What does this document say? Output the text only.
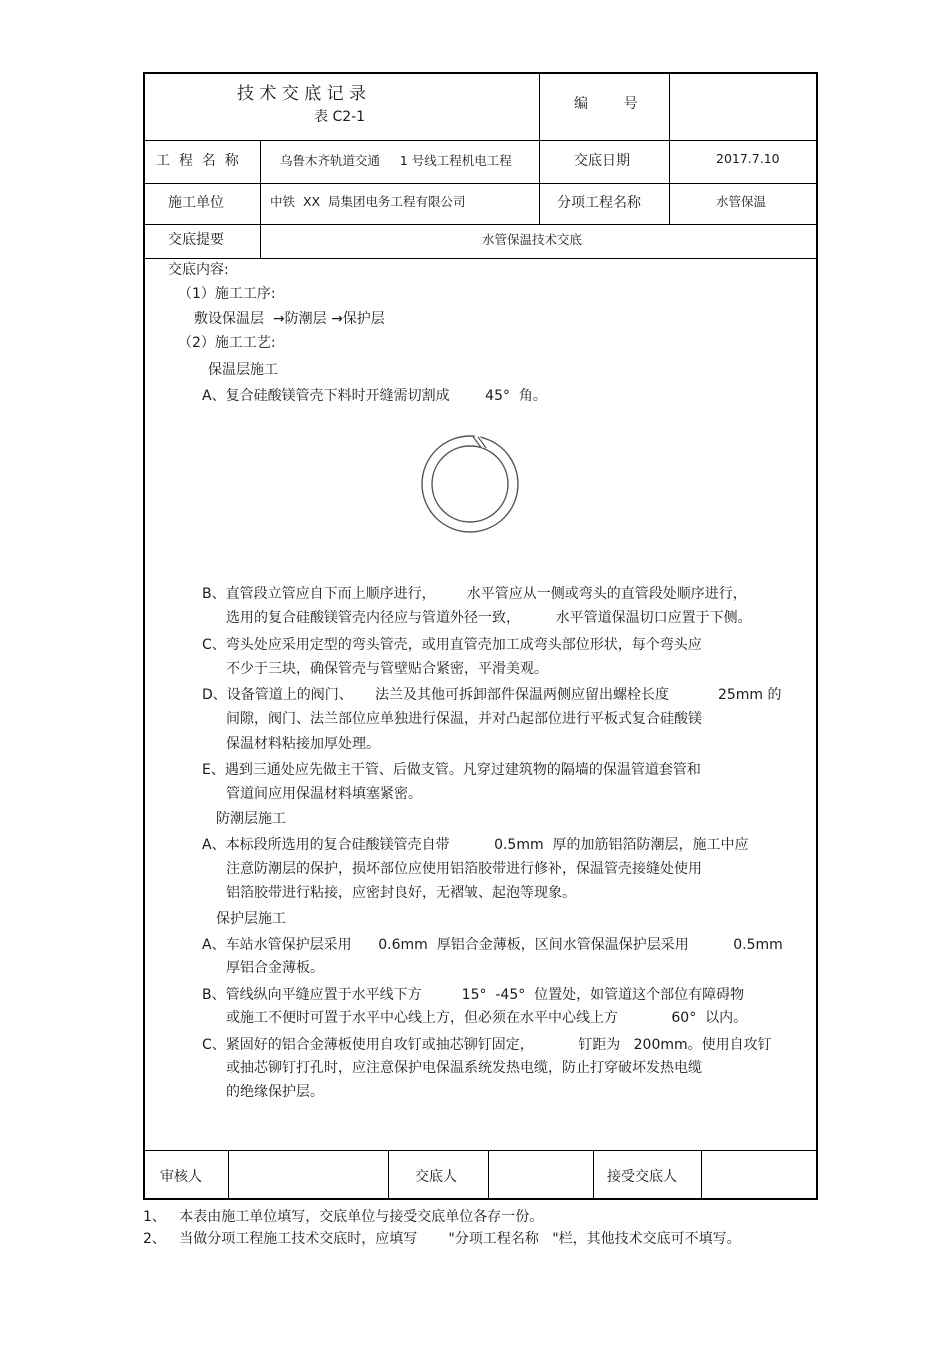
技 术 交 底 记 录
表 C2-1
编        号
工  程  名  称	乌鲁木齐轨道交通     1 号线工程机电工程	交底日期	2017.7.10
施工单位	中铁  XX  局集团电务工程有限公司	分项工程名称	水管保温
交底提要	水管保温技术交底
交底内容:
（1）施工工序:
敷设保温层  →防潮层 →保护层
（2）施工工艺:
保温层施工
A、复合硅酸镁管壳下料时开缝需切割成        45°  角。
B、直管段立管应自下而上顺序进行，       水平管应从一侧或弯头的直管段处顺序进行，
选用的复合硅酸镁管壳内径应与管道外径一致，        水平管道保温切口应置于下侧。
C、弯头处应采用定型的弯头管壳，或用直管壳加工成弯头部位形状，每个弯头应
不少于三块，确保管壳与管壁贴合紧密，平滑美观。
D、设备管道上的阀门、     法兰及其他可拆卸部件保温两侧应留出螺栓长度           25mm 的
间隙，阀门、法兰部位应单独进行保温，并对凸起部位进行平板式复合硅酸镁
保温材料粘接加厚处理。
E、遇到三通处应先做主干管、后做支管。凡穿过建筑物的隔墙的保温管道套管和
管道间应用保温材料填塞紧密。
防潮层施工
A、本标段所选用的复合硅酸镁管壳自带          0.5mm  厚的加筋铝箔防潮层，施工中应
注意防潮层的保护，损坏部位应使用铝箔胶带进行修补，保温管壳接缝处使用
铝箔胶带进行粘接，应密封良好，无褶皱、起泡等现象。
保护层施工
A、车站水管保护层采用      0.6mm  厚铝合金薄板，区间水管保温保护层采用          0.5mm
厚铝合金薄板。
B、管线纵向平缝应置于水平线下方         15°  -45°  位置处，如管道这个部位有障碍物
或施工不便时可置于水平中心线上方，但必须在水平中心线上方            60°  以内。
C、紧固好的铝合金薄板使用自攻钉或抽芯铆钉固定，          钉距为   200mm。使用自攻钉
或抽芯铆钉打孔时，应注意保护电保温系统发热电缆，防止打穿破坏发热电缆
的绝缘保护层。
审核人	交底人	接受交底人
1、   本表由施工单位填写，交底单位与接受交底单位各存一份。
2、   当做分项工程施工技术交底时，应填写       "分项工程名称   "栏，其他技术交底可不填写。
